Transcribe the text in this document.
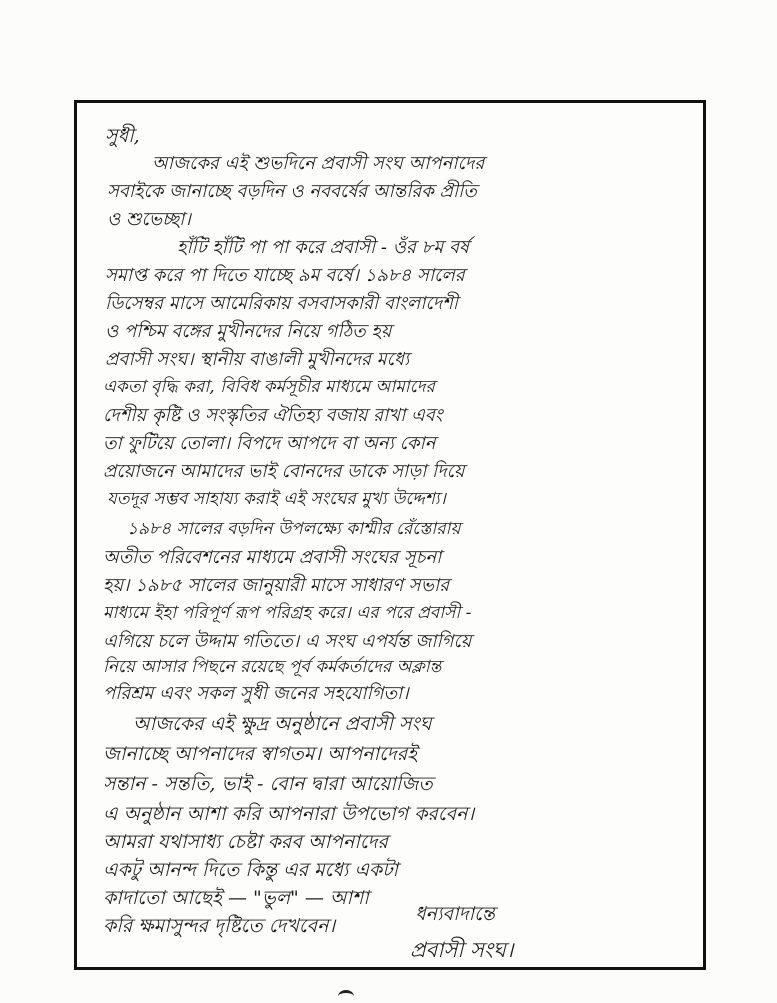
সুধী,
আজকের এই শুভদিনে প্রবাসী সংঘ আপনাদের
সবাইকে জানাচ্ছে বড়দিন ও নববর্ষের আন্তরিক প্রীতি
ও শুভেচ্ছা।
হাঁটি হাঁটি পা পা করে প্রবাসী - ওঁর ৮ম বর্ষ
সমাপ্ত করে পা দিতে যাচ্ছে ৯ম বর্ষে। ১৯৮৪ সালের
ডিসেম্বর মাসে আমেরিকায় বসবাসকারী বাংলাদেশী
ও পশ্চিম বঙ্গের মুখীনদের নিয়ে গঠিত হয়
প্রবাসী সংঘ। স্থানীয় বাঙালী মুখীনদের মধ্যে
একতা বৃদ্ধি করা, বিবিধ কর্মসূচীর মাধ্যমে আমাদের
দেশীয় কৃষ্টি ও সংস্কৃতির ঐতিহ্য বজায় রাখা এবং
তা ফুটিয়ে তোলা। বিপদে আপদে বা অন্য কোন
প্রয়োজনে আমাদের ভাই বোনদের ডাকে সাড়া দিয়ে
যতদূর সম্ভব সাহায্য করাই এই সংঘের মুখ্য উদ্দেশ্য।
১৯৮৪ সালের বড়দিন উপলক্ষ্যে কাশ্মীর রেঁস্তোরায়
অতীত পরিবেশনের মাধ্যমে প্রবাসী সংঘের সূচনা
হয়। ১৯৮৫ সালের জানুয়ারী মাসে সাধারণ সভার
মাধ্যমে ইহা পরিপূর্ণ রূপ পরিগ্রহ করে। এর পরে প্রবাসী -
এগিয়ে চলে উদ্দাম গতিতে। এ সংঘ এপর্যন্ত জাগিয়ে
নিয়ে আসার পিছনে রয়েছে পূর্ব কর্মকর্তাদের অক্লান্ত
পরিশ্রম এবং সকল সুধী জনের সহযোগিতা।
আজকের এই ক্ষুদ্র অনুষ্ঠানে প্রবাসী সংঘ
জানাচ্ছে আপনাদের স্বাগতম। আপনাদেরই
সন্তান - সন্ততি, ভাই - বোন দ্বারা আয়োজিত
এ অনুষ্ঠান আশা করি আপনারা উপভোগ করবেন।
আমরা যথাসাধ্য চেষ্টা করব আপনাদের
একটু আনন্দ দিতে কিন্তু এর মধ্যে একটা
কাদাতো আছেই — "ভুল" — আশা
করি ক্ষমাসুন্দর দৃষ্টিতে দেখবেন।
ধন্যবাদান্তে
প্রবাসী সংঘ।
